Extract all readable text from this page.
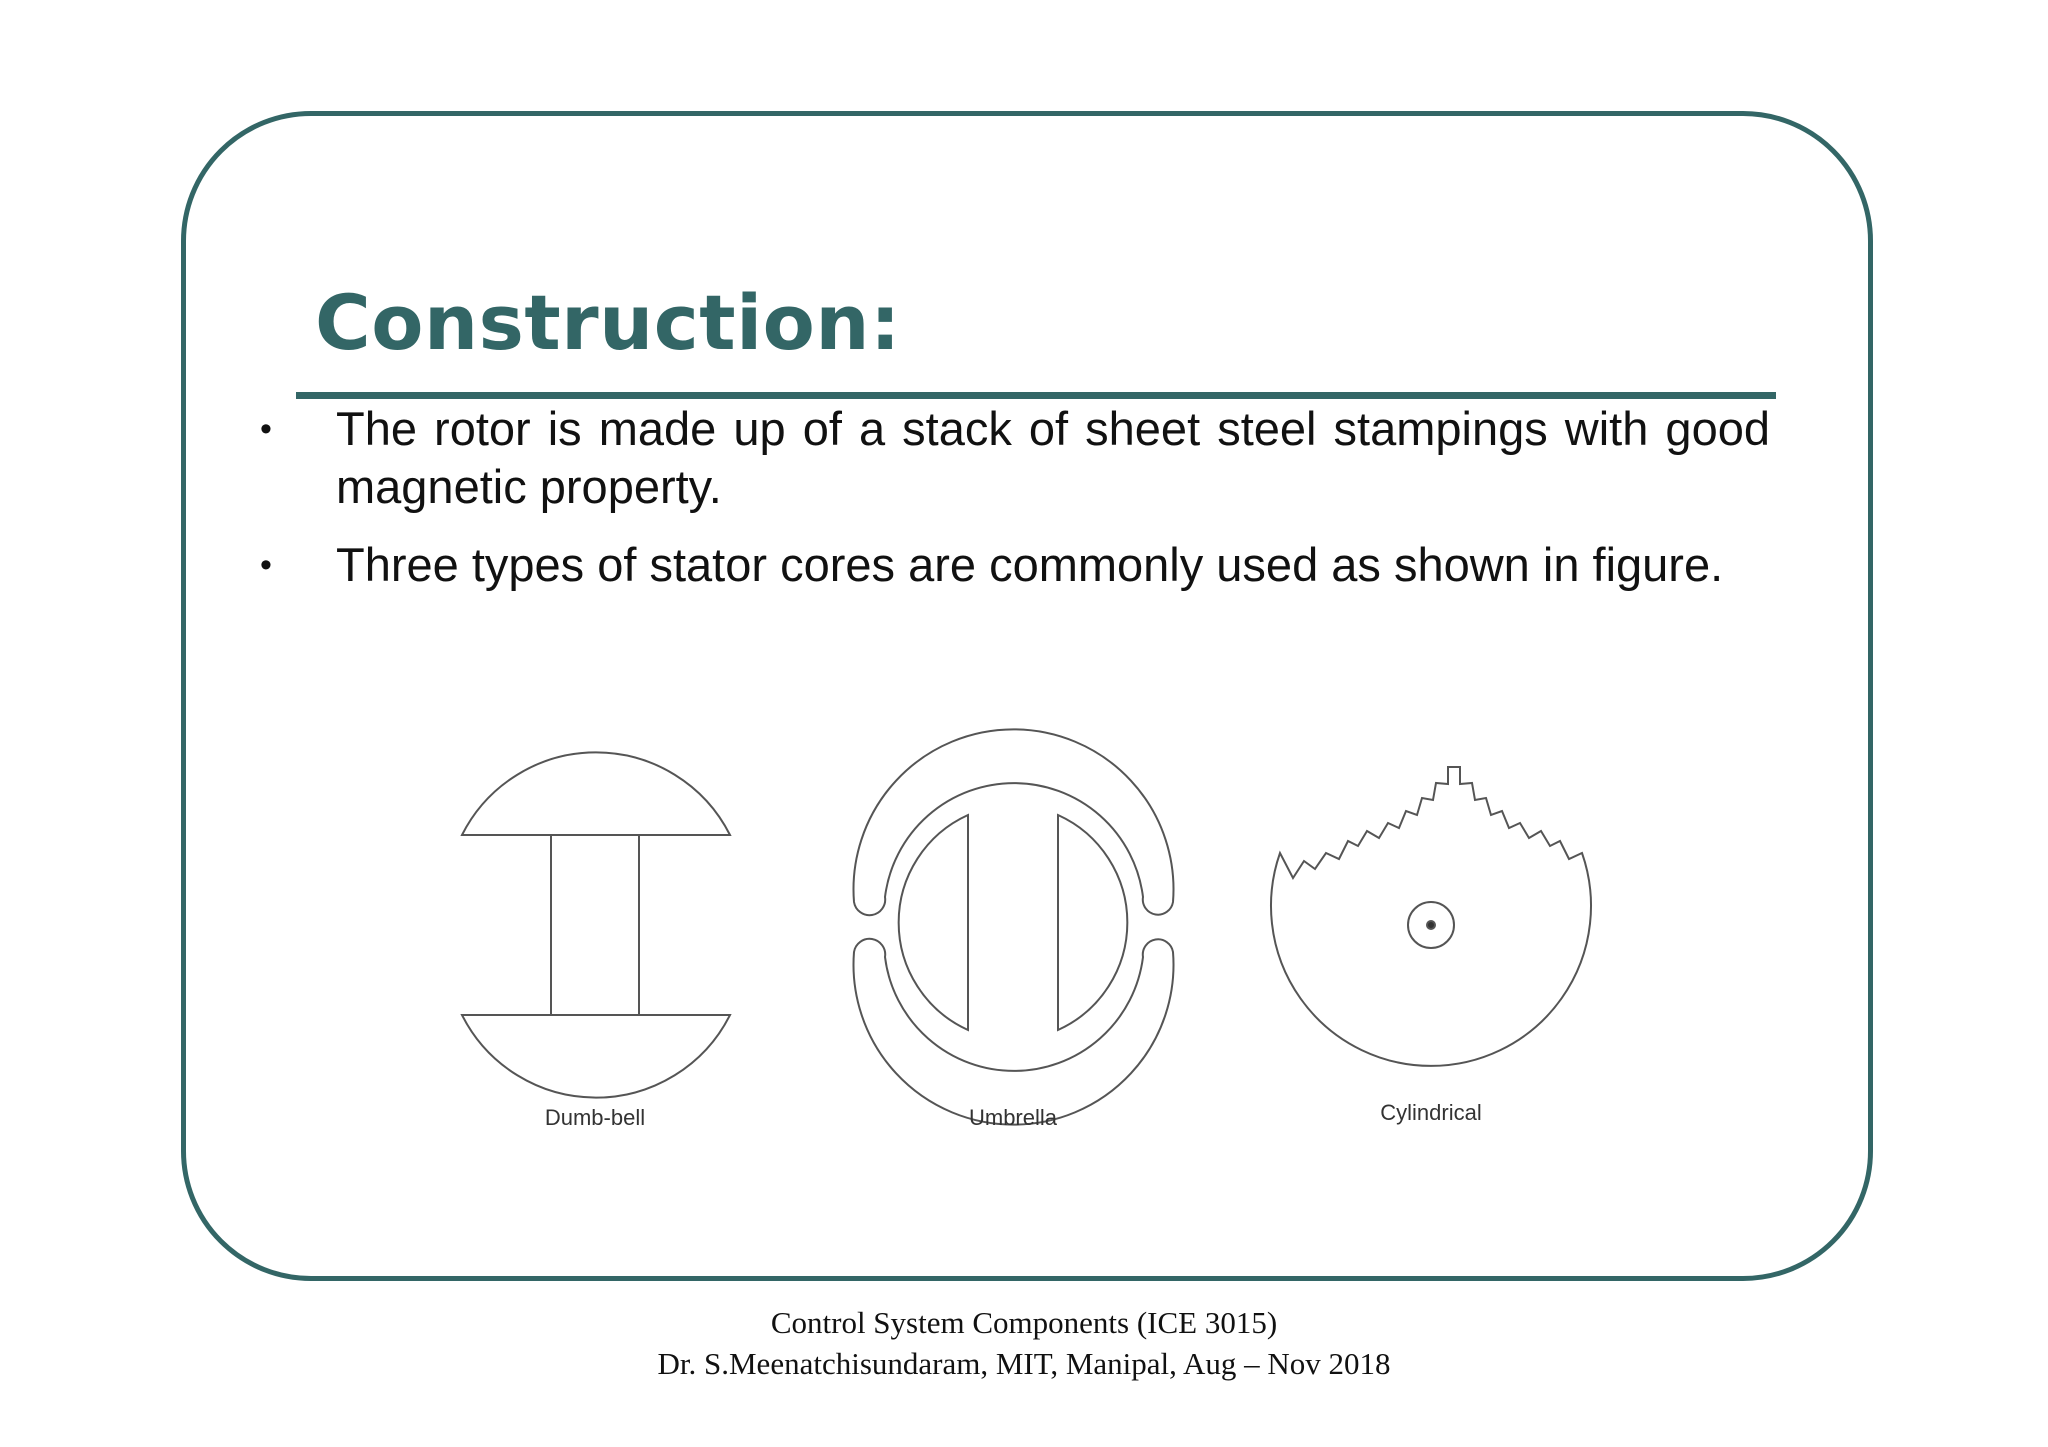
Construction:
• The rotor is made up of a stack of sheet steel stampings with good magnetic property.
• Three types of stator cores are commonly used as shown in figure.
Dumb-bell	Umbrella	Cylindrical
Control System Components (ICE 3015)
Dr. S.Meenatchisundaram, MIT, Manipal, Aug – Nov 2018
